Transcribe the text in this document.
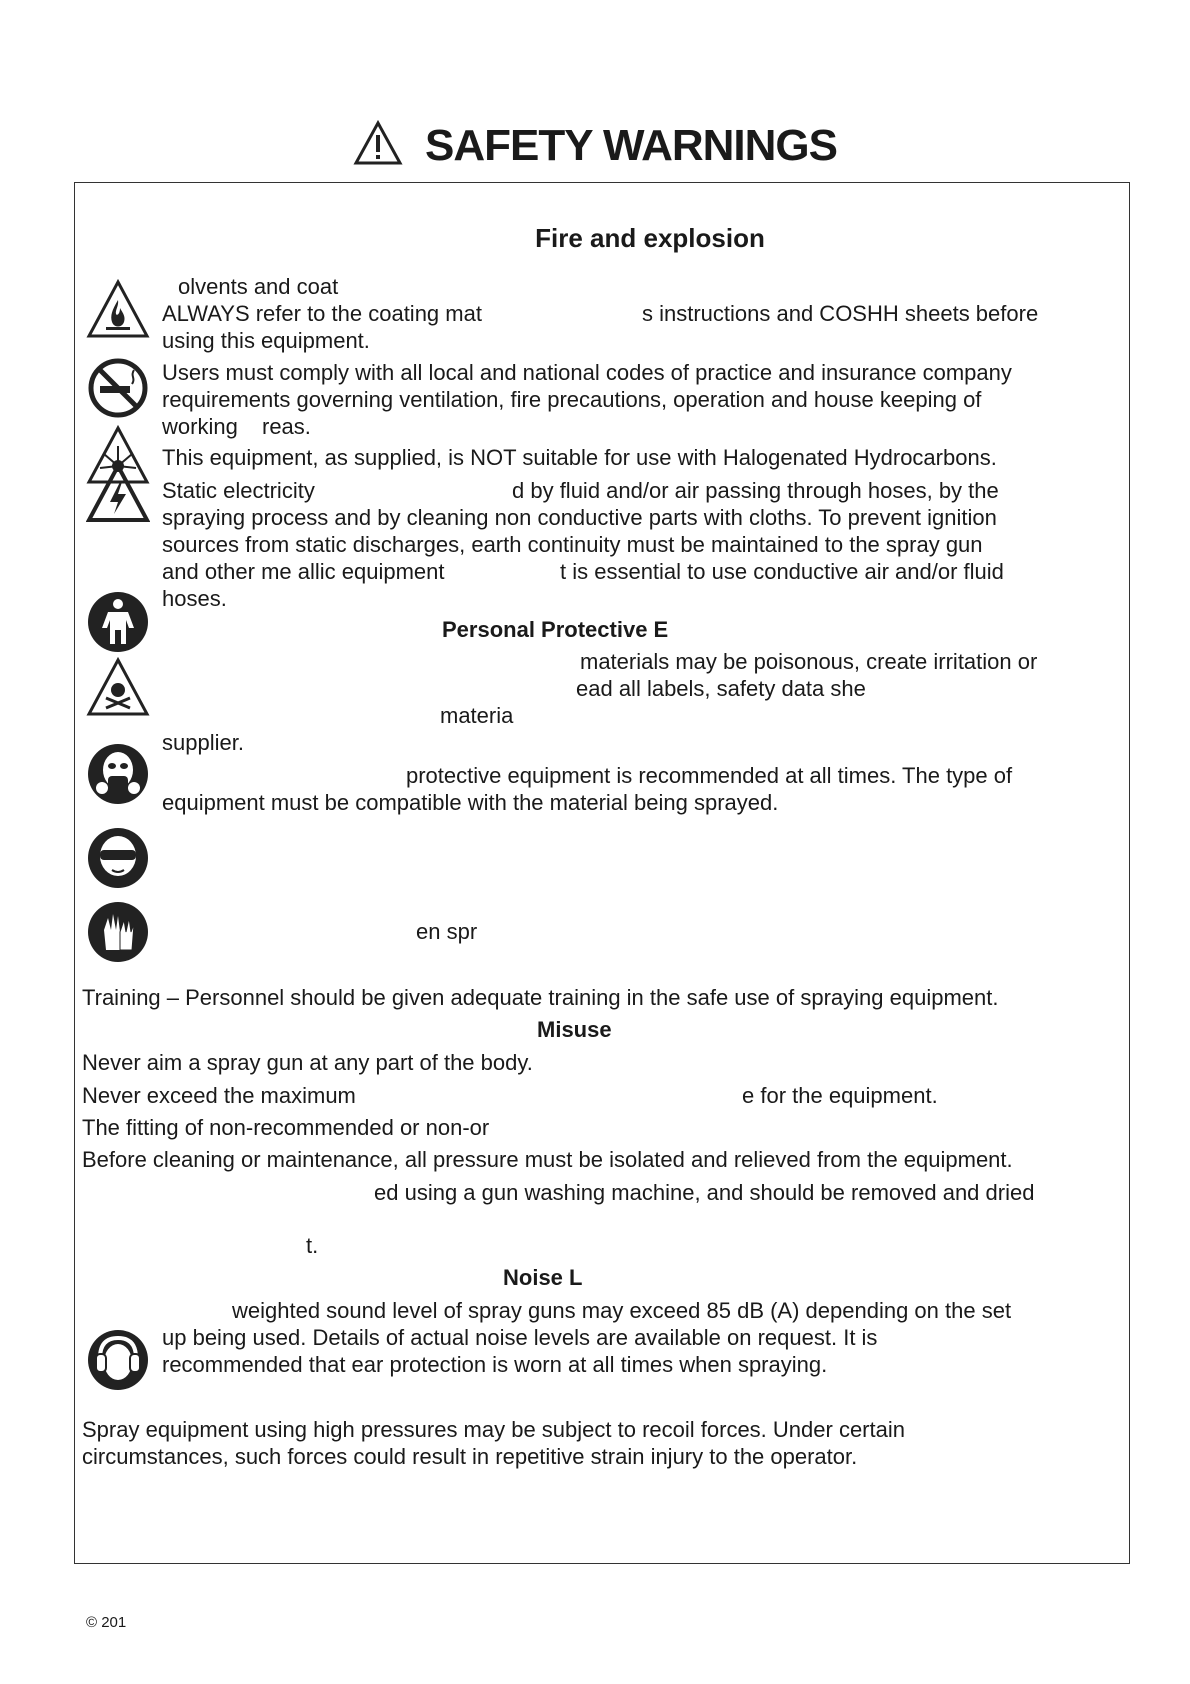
SAFETY WARNINGS
Fire and explosion
olvents and coat
ALWAYS refer to the coating mat	s instructions and COSHH sheets before
using this equipment.
Users must comply with all local and national codes of practice and insurance company
requirements governing ventilation, fire precautions, operation and house keeping of
working reas.
This equipment, as supplied, is NOT suitable for use with Halogenated Hydrocarbons.
Static electricity	d by fluid and/or air passing through hoses, by the
spraying process and by cleaning non conductive parts with cloths. To prevent ignition
sources from static discharges, earth continuity must be maintained to the spray gun
and other me allic equipment	t is essential to use conductive air and/or fluid
hoses.
Personal Protective E
materials may be poisonous, create irritation or
ead all labels, safety data she
materia
supplier.
protective equipment is recommended at all times. The type of
equipment must be compatible with the material being sprayed.
en spr
Training – Personnel should be given adequate training in the safe use of spraying equipment.
Misuse
Never aim a spray gun at any part of the body.
Never exceed the maximum	e for the equipment.
The fitting of non-recommended or non-or
Before cleaning or maintenance, all pressure must be isolated and relieved from the equipment.
ed using a gun washing machine, and should be removed and dried
t.
Noise L
weighted sound level of spray guns may exceed 85 dB (A) depending on the set
up being used. Details of actual noise levels are available on request. It is
recommended that ear protection is worn at all times when spraying.
Spray equipment using high pressures may be subject to recoil forces. Under certain
circumstances, such forces could result in repetitive strain injury to the operator.
© 201
